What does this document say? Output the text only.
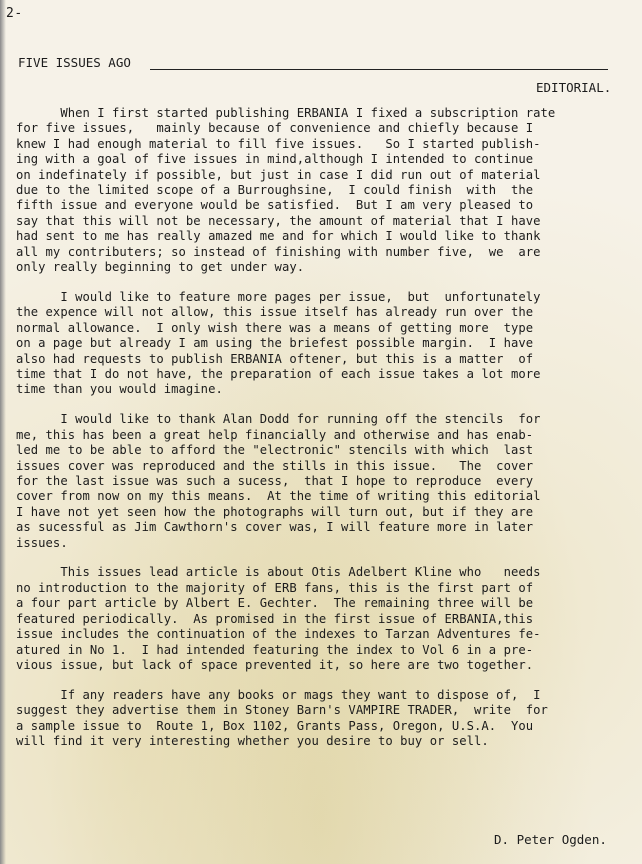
2-
FIVE ISSUES AGO
EDITORIAL.

When I first started publishing ERBANIA I fixed a subscription rate
for five issues,   mainly because of convenience and chiefly because I
knew I had enough material to fill five issues.   So I started publish-
ing with a goal of five issues in mind,although I intended to continue
on indefinately if possible, but just in case I did run out of material
due to the limited scope of a Burroughsine,  I could finish  with  the
fifth issue and everyone would be satisfied.  But I am very pleased to
say that this will not be necessary, the amount of material that I have
had sent to me has really amazed me and for which I would like to thank
all my contributers; so instead of finishing with number five,  we  are
only really beginning to get under way.

I would like to feature more pages per issue,  but  unfortunately
the expence will not allow, this issue itself has already run over the
normal allowance.  I only wish there was a means of getting more  type
on a page but already I am using the briefest possible margin.  I have
also had requests to publish ERBANIA oftener, but this is a matter  of
time that I do not have, the preparation of each issue takes a lot more
time than you would imagine.

I would like to thank Alan Dodd for running off the stencils  for
me, this has been a great help financially and otherwise and has enab-
led me to be able to afford the "electronic" stencils with which  last
issues cover was reproduced and the stills in this issue.   The  cover
for the last issue was such a sucess,  that I hope to reproduce  every
cover from now on my this means.  At the time of writing this editorial
I have not yet seen how the photographs will turn out, but if they are
as sucessful as Jim Cawthorn's cover was, I will feature more in later
issues.

This issues lead article is about Otis Adelbert Kline who   needs
no introduction to the majority of ERB fans, this is the first part of
a four part article by Albert E. Gechter.  The remaining three will be
featured periodically.  As promised in the first issue of ERBANIA,this
issue includes the continuation of the indexes to Tarzan Adventures fe-
atured in No 1.  I had intended featuring the index to Vol 6 in a pre-
vious issue, but lack of space prevented it, so here are two together.

If any readers have any books or mags they want to dispose of,  I
suggest they advertise them in Stoney Barn's VAMPIRE TRADER,  write  for
a sample issue to  Route 1, Box 1102, Grants Pass, Oregon, U.S.A.  You
will find it very interesting whether you desire to buy or sell.

D. Peter Ogden.
